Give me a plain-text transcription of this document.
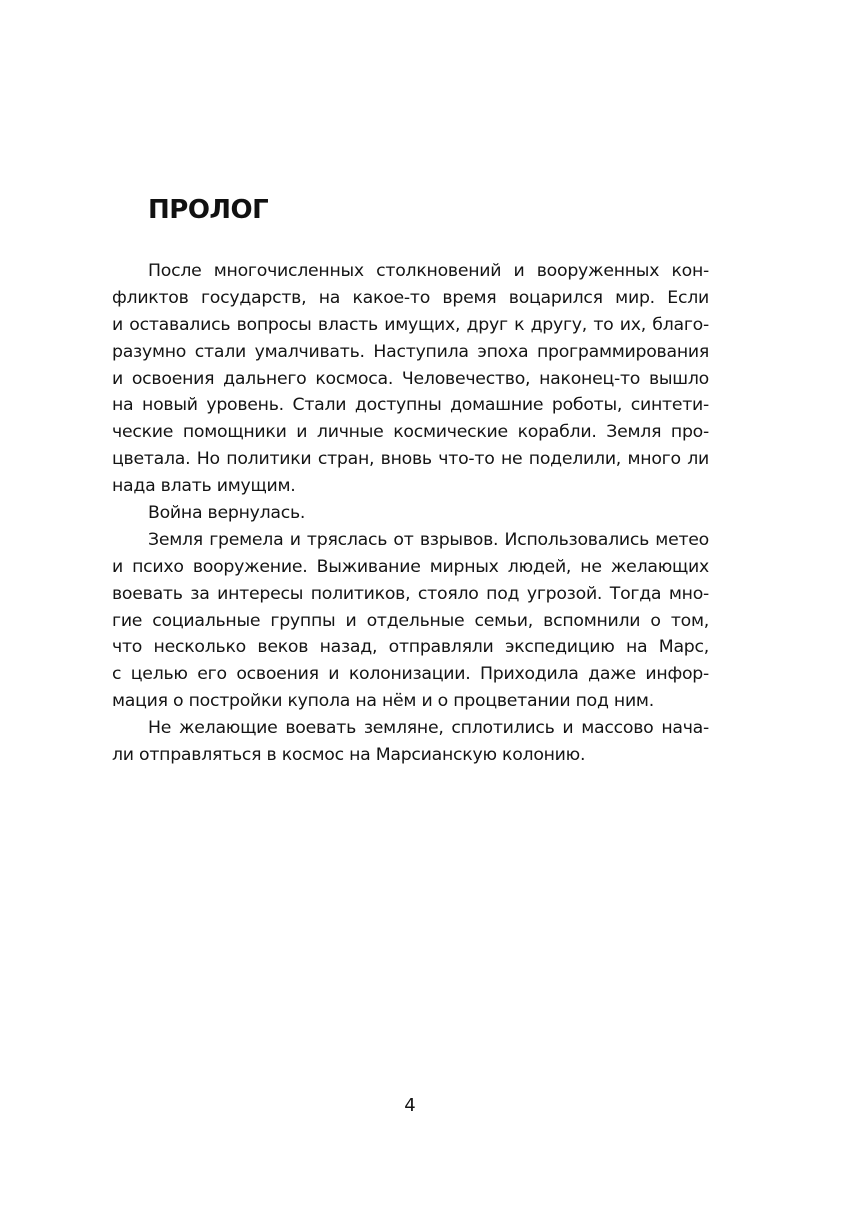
ПРОЛОГ
После многочисленных столкновений и вооруженных кон-
фликтов государств, на какое-то время воцарился мир. Если
и оставались вопросы власть имущих, друг к другу, то их, благо-
разумно стали умалчивать. Наступила эпоха программирования
и освоения дальнего космоса. Человечество, наконец-то вышло
на новый уровень. Стали доступны домашние роботы, синтети-
ческие помощники и личные космические корабли. Земля про-
цветала. Но политики стран, вновь что-то не поделили, много ли
нада влать имущим.
Война вернулась.
Земля гремела и тряслась от взрывов. Использовались метео
и психо вооружение. Выживание мирных людей, не желающих
воевать за интересы политиков, стояло под угрозой. Тогда мно-
гие социальные группы и отдельные семьи, вспомнили о том,
что несколько веков назад, отправляли экспедицию на Марс,
с целью его освоения и колонизации. Приходила даже инфор-
мация о постройки купола на нём и о процветании под ним.
Не желающие воевать земляне, сплотились и массово нача-
ли отправляться в космос на Марсианскую колонию.
4
